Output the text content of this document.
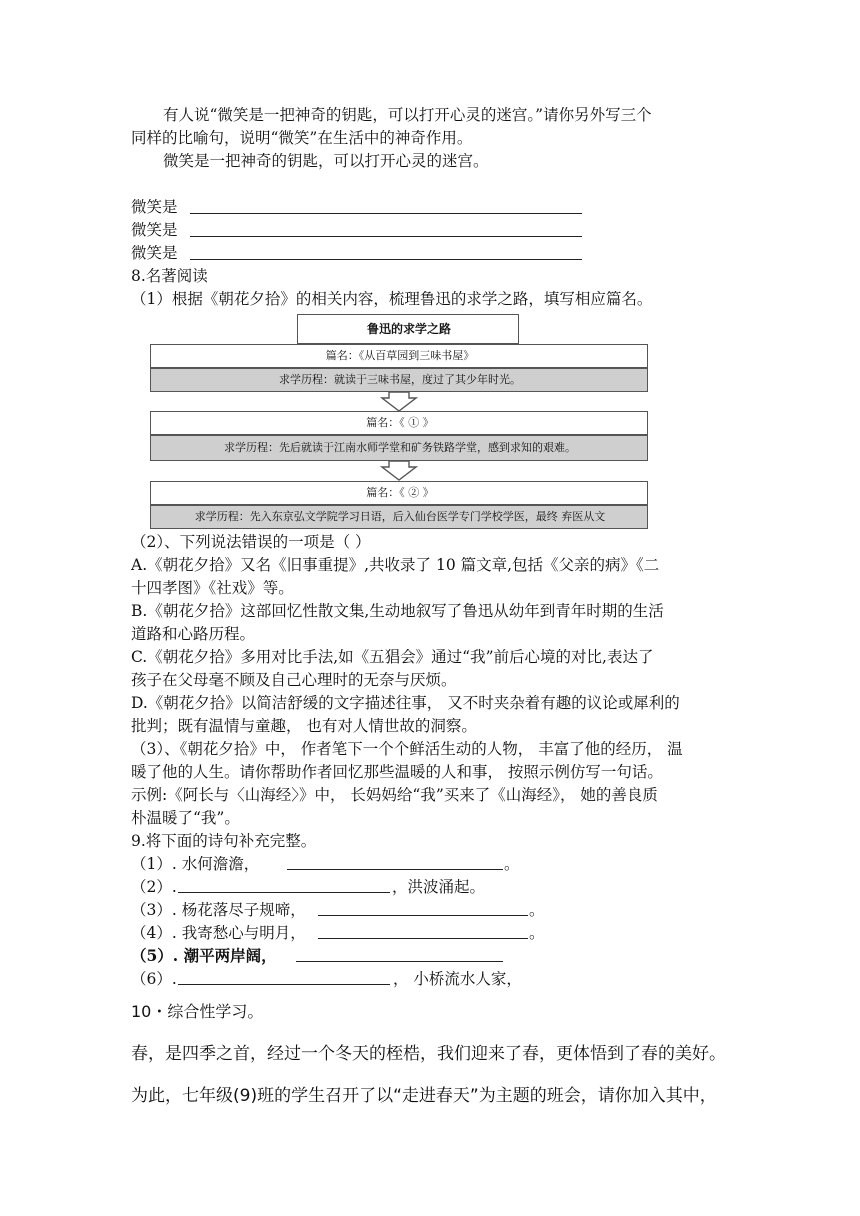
有人说“微笑是一把神奇的钥匙，可以打开心灵的迷宫。”请你另外写三个
同样的比喻句，说明“微笑”在生活中的神奇作用。
微笑是一把神奇的钥匙，可以打开心灵的迷宫。
微笑是
微笑是
微笑是
8.名著阅读
（1）根据《朝花夕拾》的相关内容，梳理鲁迅的求学之路，填写相应篇名。
鲁迅的求学之路
篇名：《从百草园到三味书屋》
求学历程：就读于三味书屋，度过了其少年时光。
篇名：《 ① 》
求学历程：先后就读于江南水师学堂和矿务铁路学堂，感到求知的艰难。
篇名：《 ② 》
求学历程：先入东京弘文学院学习日语，后入仙台医学专门学校学医，最终 弃医从文
（2）、下列说法错误的一项是（ ）
A.《朝花夕拾》又名《旧事重提》,共收录了 10 篇文章,包括《父亲的病》《二
十四孝图》《社戏》等。
B.《朝花夕拾》这部回忆性散文集,生动地叙写了鲁迅从幼年到青年时期的生活
道路和心路历程。
C.《朝花夕拾》多用对比手法,如《五猖会》通过“我”前后心境的对比,表达了
孩子在父母毫不顾及自己心理时的无奈与厌烦。
D.《朝花夕拾》以简洁舒缓的文字描述往事， 又不时夹杂着有趣的议论或犀利的
批判；既有温情与童趣， 也有对人情世故的洞察。
（3）、《朝花夕拾》中， 作者笔下一个个鲜活生动的人物， 丰富了他的经历， 温
暖了他的人生。请你帮助作者回忆那些温暖的人和事， 按照示例仿写一句话。
示例:《阿长与〈山海经〉》中， 长妈妈给“我”买来了《山海经》， 她的善良质
朴温暖了“我”。
9.将下面的诗句补充完整。
（1）. 水何澹澹，	。
（2）.	，洪波涌起。
（3）. 杨花落尽子规啼，	。
（4）. 我寄愁心与明月，	。
（5）. 潮平两岸阔，
（6）.	， 小桥流水人家，
10・综合性学习。
春，是四季之首，经过一个冬天的桎梏，我们迎来了春，更体悟到了春的美好。
为此，七年级(9)班的学生召开了以“走进春天”为主题的班会，请你加入其中，
